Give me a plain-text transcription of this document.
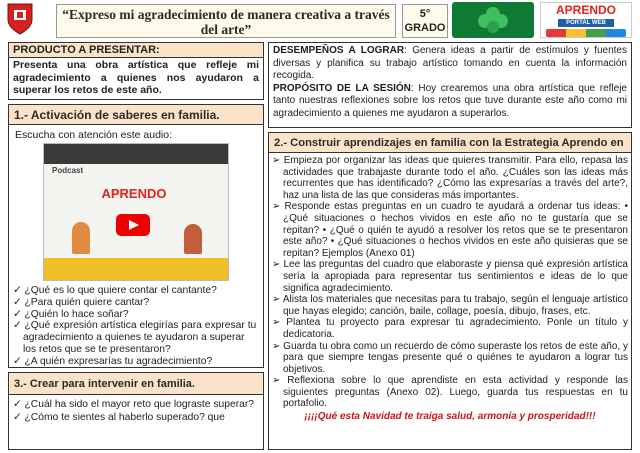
“Expreso mi agradecimiento de manera creativa a través del arte”
5°
GRADO
APRENDO
PORTAL WEB
PRODUCTO A PRESENTAR:
Presenta una obra artística que refleje mi agradecimiento a quienes nos ayudaron a superar los retos de este año.
DESEMPEÑOS A LOGRAR: Genera ideas a partir de estímulos y fuentes diversas y planifica su trabajo artístico tomando en cuenta la información recogida.
PROPÓSITO DE LA SESIÓN: Hoy crearemos una obra artística que refleje tanto nuestras reflexiones sobre los retos que tuve durante este año como mi agradecimiento a quienes me ayudaron a superarlos.
1.- Activación de saberes en familia.
Escucha con atención este audio:
Podcast
APRENDO
✓ ¿Qué es lo que quiere contar el cantante?
✓ ¿Para quién quiere cantar?
✓ ¿Quién lo hace soñar?
✓ ¿Qué expresión artística elegirías para expresar tu agradecimiento a quienes te ayudaron a superar los retos que se te presentaron?
✓ ¿A quién expresarías tu agradecimiento?
3.- Crear para intervenir en familia.
✓ ¿Cuál ha sido el mayor reto que lograste superar?
✓ ¿Cómo te sientes al haberlo superado? que
2.- Construir aprendizajes en familia con la Estrategia Aprendo en
➢ Empieza por organizar las ideas que quieres transmitir. Para ello, repasa las actividades que trabajaste durante todo el año. ¿Cuáles son las ideas más recurrentes que has identificado? ¿Cómo las expresarías a través del arte?, haz una lista de las que consideras más importantes.
➢ Responde estas preguntas en un cuadro te ayudará a ordenar tus ideas: • ¿Qué situaciones o hechos vividos en este año no te gustaría que se repitan? • ¿Qué o quién te ayudó a resolver los retos que se te presentaron este año? • ¿Qué situaciones o hechos vividos en este año quisieras que se repitan? Ejemplos (Anexo 01)
➢ Lee las preguntas del cuadro que elaboraste y piensa qué expresión artística sería la apropiada para representar tus sentimientos e ideas de lo que significa agradecimiento.
➢ Alista los materiales que necesitas para tu trabajo, según el lenguaje artístico que hayas elegido; canción, baile, collage, poesía, dibujo, frases, etc.
➢ Plantea tu proyecto para expresar tu agradecimiento. Ponle un título y dedicatoria.
➢ Guarda tu obra como un recuerdo de cómo superaste los retos de este año, y para que siempre tengas presente qué o quiénes te ayudaron a lograr tus objetivos.
➢ Reflexiona sobre lo que aprendiste en esta actividad y responde las siguientes preguntas (Anexo 02). Luego, guarda tus respuestas en tu portafolio.
¡¡¡¡Qué esta Navidad te traiga salud, armonía y prosperidad!!!
